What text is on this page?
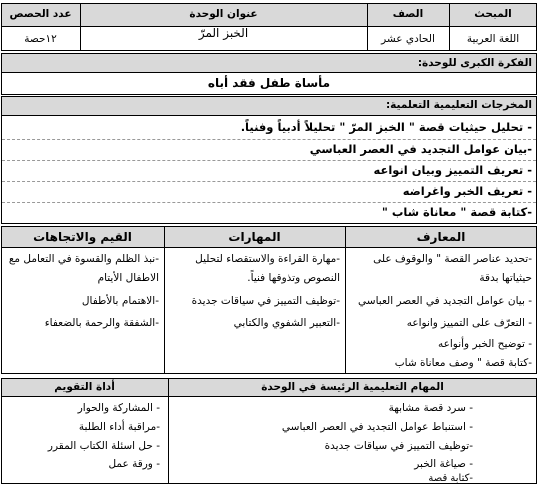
المبحث
الصف
عنوان الوحدة
عدد الحصص
اللغة العربية
الحادي عشر
الخبز المرّ
١٢حصة
الفكرة الكبرى للوحدة:
مأساة طفل فقد أباه
المخرجات التعليمية التعلمية:
- تحليل حيثيات قصة " الخبز المرّ " تحليلاً أدبياً وفنياً.
-بيان عوامل التجديد في العصر العباسي
- تعريف التمييز وبيان انواعه
- تعريف الخبر واغراضه
-كتابة قصة " معاناة شاب "
المعارف
المهارات
القيم والاتجاهات
-تحديد عناصر القصة " والوقوف على
حيثياتها بدقة
- بيان عوامل التجديد في العصر العباسي
- التعرّف على التمييز وانواعه
- توضيح الخبر وأنواعه
-كتابة قصة " وصف معاناة شاب
-مهارة القراءة والاستقصاء لتحليل
النصوص وتذوقها فنياً.
-توظيف التمييز في سياقات جديدة
-التعبير الشفوي والكتابي
-نبذ الظلم والقسوة في التعامل مع
الاطفال الأيتام
-الاهتمام بالأطفال
-الشفقة والرحمة بالضعفاء
المهام التعليمية الرئيسة في الوحدة
أداة التقويم
- سرد قصة مشابهة
- استنباط عوامل التجديد في العصر العباسي
-توظيف التمييز في سياقات جديدة
- صياغة الخبر
-كتابة قصة
- المشاركة والحوار
-مراقبة أداء الطلبة
- حل اسئلة الكتاب المقرر
- ورقة عمل
